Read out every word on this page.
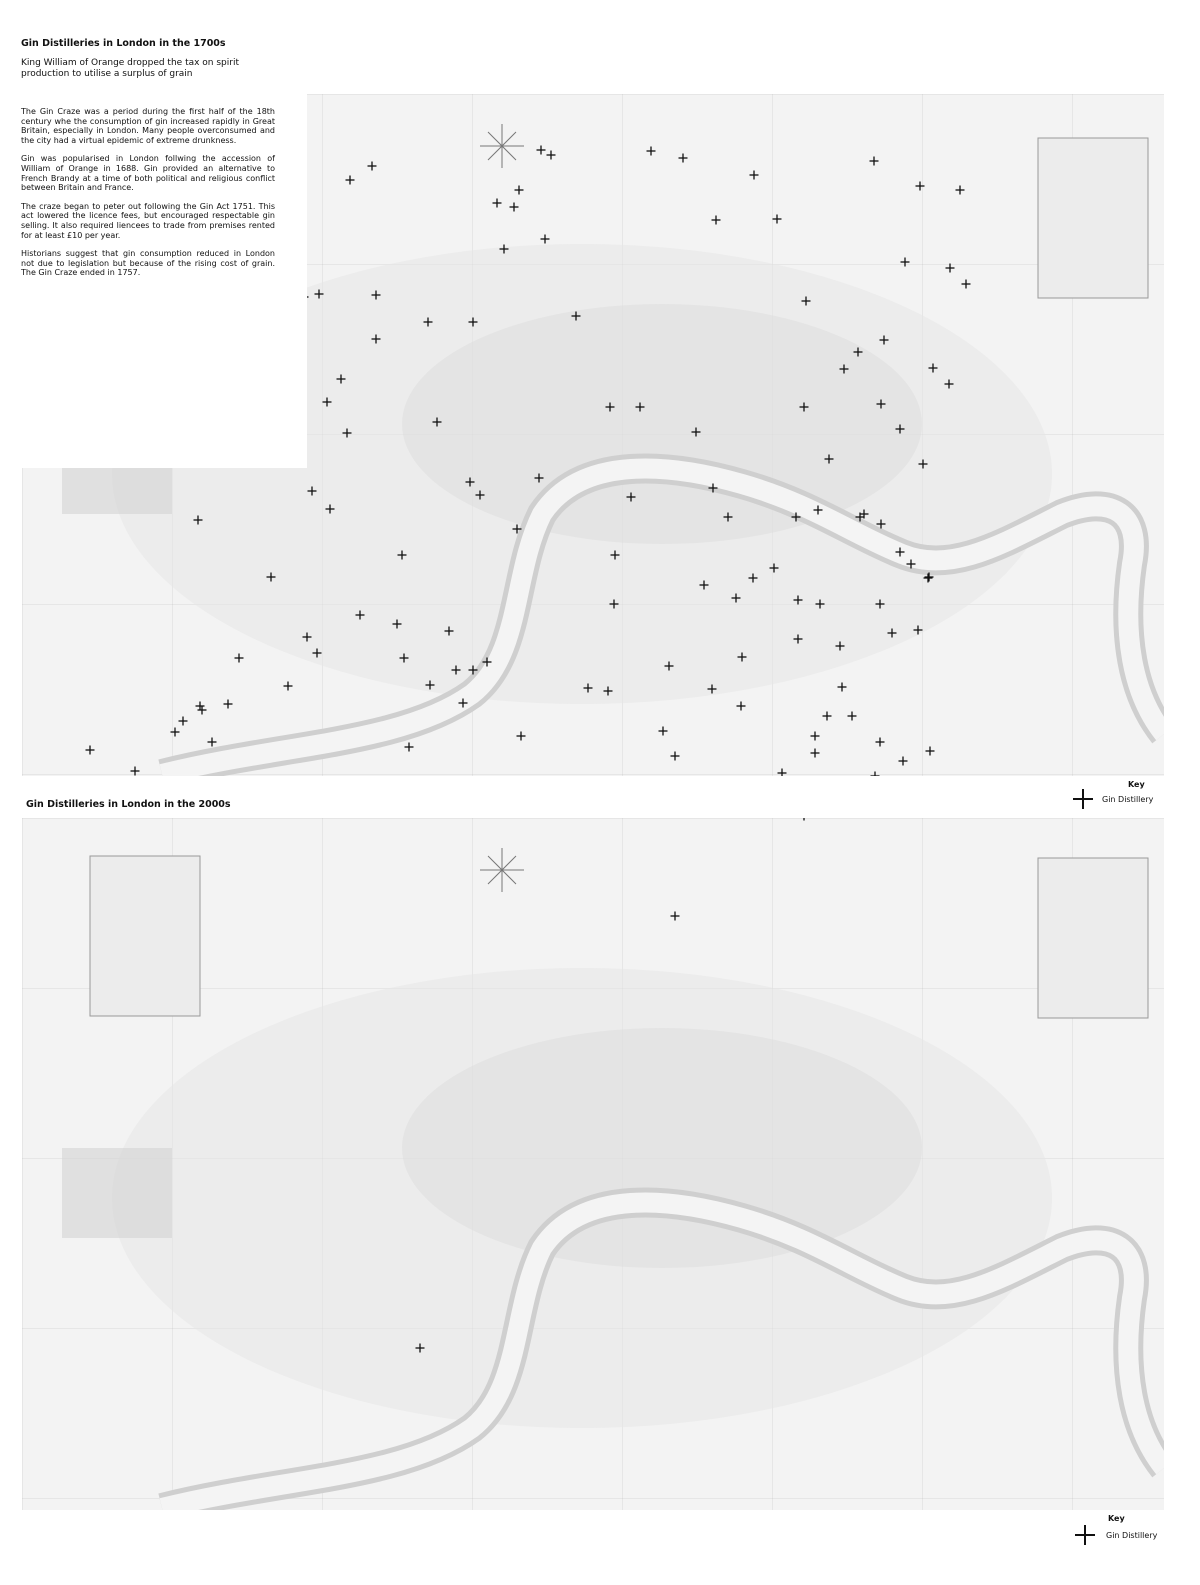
Gin Distilleries in London in the 1700s

King William of Orange dropped the tax on spirit production to utilise a surplus of grain

The Gin Craze was a period during the first half of the 18th century whe the consumption of gin increased rapidly in Great Britain, especially in London. Many people overconsumed and the city had a virtual epidemic of extreme drunkness.

Gin was popularised in London follwing the accession of William of Orange in 1688. Gin provided an alternative to French Brandy at a time of both political and religious conflict between Britain and France.

The craze began to peter out following the Gin Act 1751. This act lowered the licence fees, but encouraged respectable gin selling. It also required liencees to trade from premises rented for at least £10 per year.

Historians suggest that gin consumption reduced in London not due to legislation but because of the rising cost of grain. The Gin Craze ended in 1757.

Key
Gin Distillery
Gin Distilleries in London in the 2000s
Key
Gin Distillery
